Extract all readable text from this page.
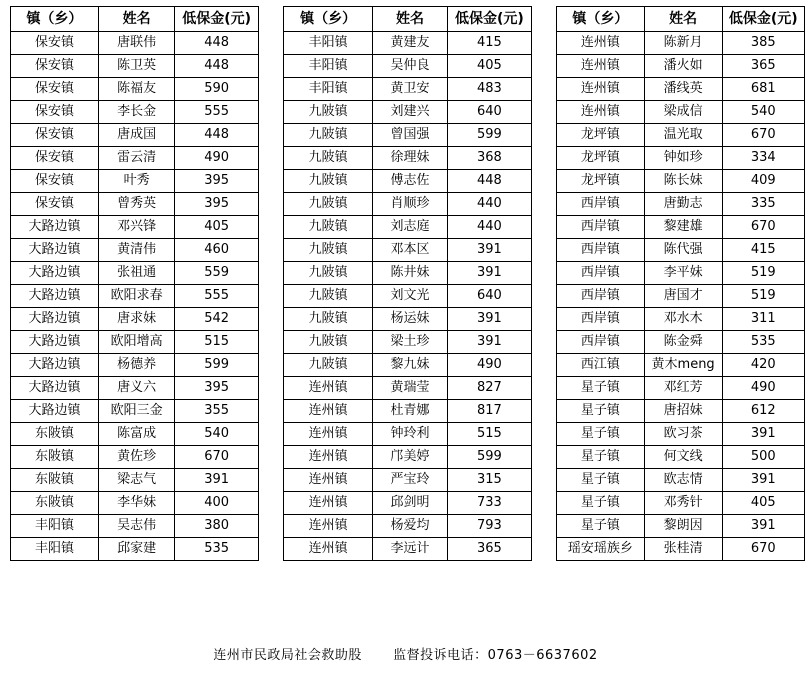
镇（乡）	姓名	低保金(元)
保安镇	唐联伟	448
保安镇	陈卫英	448
保安镇	陈福友	590
保安镇	李长金	555
保安镇	唐成国	448
保安镇	雷云清	490
保安镇	叶秀	395
保安镇	曾秀英	395
大路边镇	邓兴锋	405
大路边镇	黄清伟	460
大路边镇	张祖通	559
大路边镇	欧阳求春	555
大路边镇	唐求妹	542
大路边镇	欧阳增高	515
大路边镇	杨德养	599
大路边镇	唐义六	395
大路边镇	欧阳三金	355
东陂镇	陈富成	540
东陂镇	黄佐珍	670
东陂镇	梁志气	391
东陂镇	李华妹	400
丰阳镇	吴志伟	380
丰阳镇	邱家建	535
镇（乡）	姓名	低保金(元)
丰阳镇	黄建友	415
丰阳镇	吴仲良	405
丰阳镇	黄卫安	483
九陂镇	刘建兴	640
九陂镇	曾国强	599
九陂镇	徐理妹	368
九陂镇	傅志佐	448
九陂镇	肖顺珍	440
九陂镇	刘志庭	440
九陂镇	邓本区	391
九陂镇	陈井妹	391
九陂镇	刘文光	640
九陂镇	杨运妹	391
九陂镇	梁土珍	391
九陂镇	黎九妹	490
连州镇	黄瑞莹	827
连州镇	杜青娜	817
连州镇	钟玲利	515
连州镇	邝美婷	599
连州镇	严宝玲	315
连州镇	邱剑明	733
连州镇	杨爱均	793
连州镇	李远计	365
镇（乡）	姓名	低保金(元)
连州镇	陈新月	385
连州镇	潘火如	365
连州镇	潘线英	681
连州镇	梁成信	540
龙坪镇	温光取	670
龙坪镇	钟如珍	334
龙坪镇	陈长妹	409
西岸镇	唐勤志	335
西岸镇	黎建雄	670
西岸镇	陈代强	415
西岸镇	李平妹	519
西岸镇	唐国才	519
西岸镇	邓水木	311
西岸镇	陈金舜	535
西江镇	黄木meng	420
星子镇	邓红芳	490
星子镇	唐招妹	612
星子镇	欧习茶	391
星子镇	何文线	500
星子镇	欧志情	391
星子镇	邓秀针	405
星子镇	黎朗因	391
瑶安瑶族乡	张桂清	670
连州市民政局社会救助股 监督投诉电话：0763－6637602
